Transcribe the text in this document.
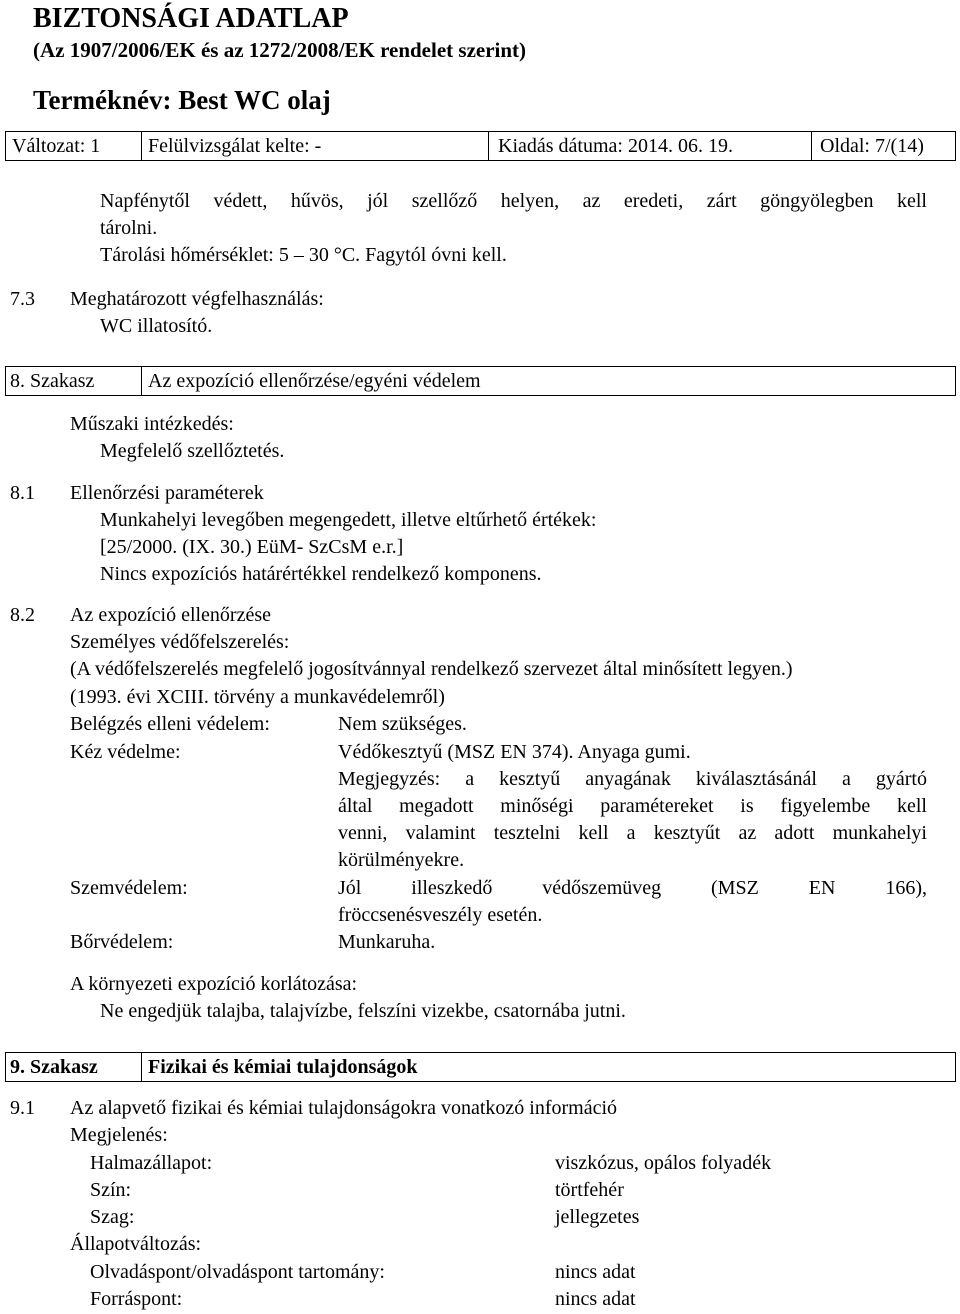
BIZTONSÁGI ADATLAP
(Az 1907/2006/EK és az 1272/2008/EK rendelet szerint)
Terméknév: Best WC olaj
Változat: 1 Felülvizsgálat kelte: -	Kiadás dátuma: 2014. 06. 19.	Oldal: 7/(14)
Napfénytől védett, hűvös, jól szellőző helyen, az eredeti, zárt göngyölegben kell
tárolni.
Tárolási hőmérséklet: 5 – 30 °C. Fagytól óvni kell.
7.3 Meghatározott végfelhasználás:
WC illatosító.
8. Szakasz	Az expozíció ellenőrzése/egyéni védelem
Műszaki intézkedés:
Megfelelő szellőztetés.
8.1 Ellenőrzési paraméterek
Munkahelyi levegőben megengedett, illetve eltűrhető értékek:
[25/2000. (IX. 30.) EüM- SzCsM e.r.]
Nincs expozíciós határértékkel rendelkező komponens.
8.2 Az expozíció ellenőrzése
Személyes védőfelszerelés:
(A védőfelszerelés megfelelő jogosítvánnyal rendelkező szervezet által minősített legyen.)
(1993. évi XCIII. törvény a munkavédelemről)
Belégzés elleni védelem:	Nem szükséges.
Kéz védelme:	Védőkesztyű (MSZ EN 374). Anyaga gumi.
Megjegyzés: a kesztyű anyagának kiválasztásánál a gyártó
által megadott minőségi paramétereket is figyelembe kell
venni, valamint tesztelni kell a kesztyűt az adott munkahelyi
körülményekre.
Szemvédelem:	Jól illeszkedő védőszemüveg (MSZ EN 166),
fröccsenésveszély esetén.
Bőrvédelem:	Munkaruha.
A környezeti expozíció korlátozása:
Ne engedjük talajba, talajvízbe, felszíni vizekbe, csatornába jutni.
9. Szakasz	Fizikai és kémiai tulajdonságok
9.1 Az alapvető fizikai és kémiai tulajdonságokra vonatkozó információ
Megjelenés:
Halmazállapot:	viszkózus, opálos folyadék
Szín:	törtfehér
Szag:	jellegzetes
Állapotváltozás:
Olvadáspont/olvadáspont tartomány:	nincs adat
Forráspont:	nincs adat
